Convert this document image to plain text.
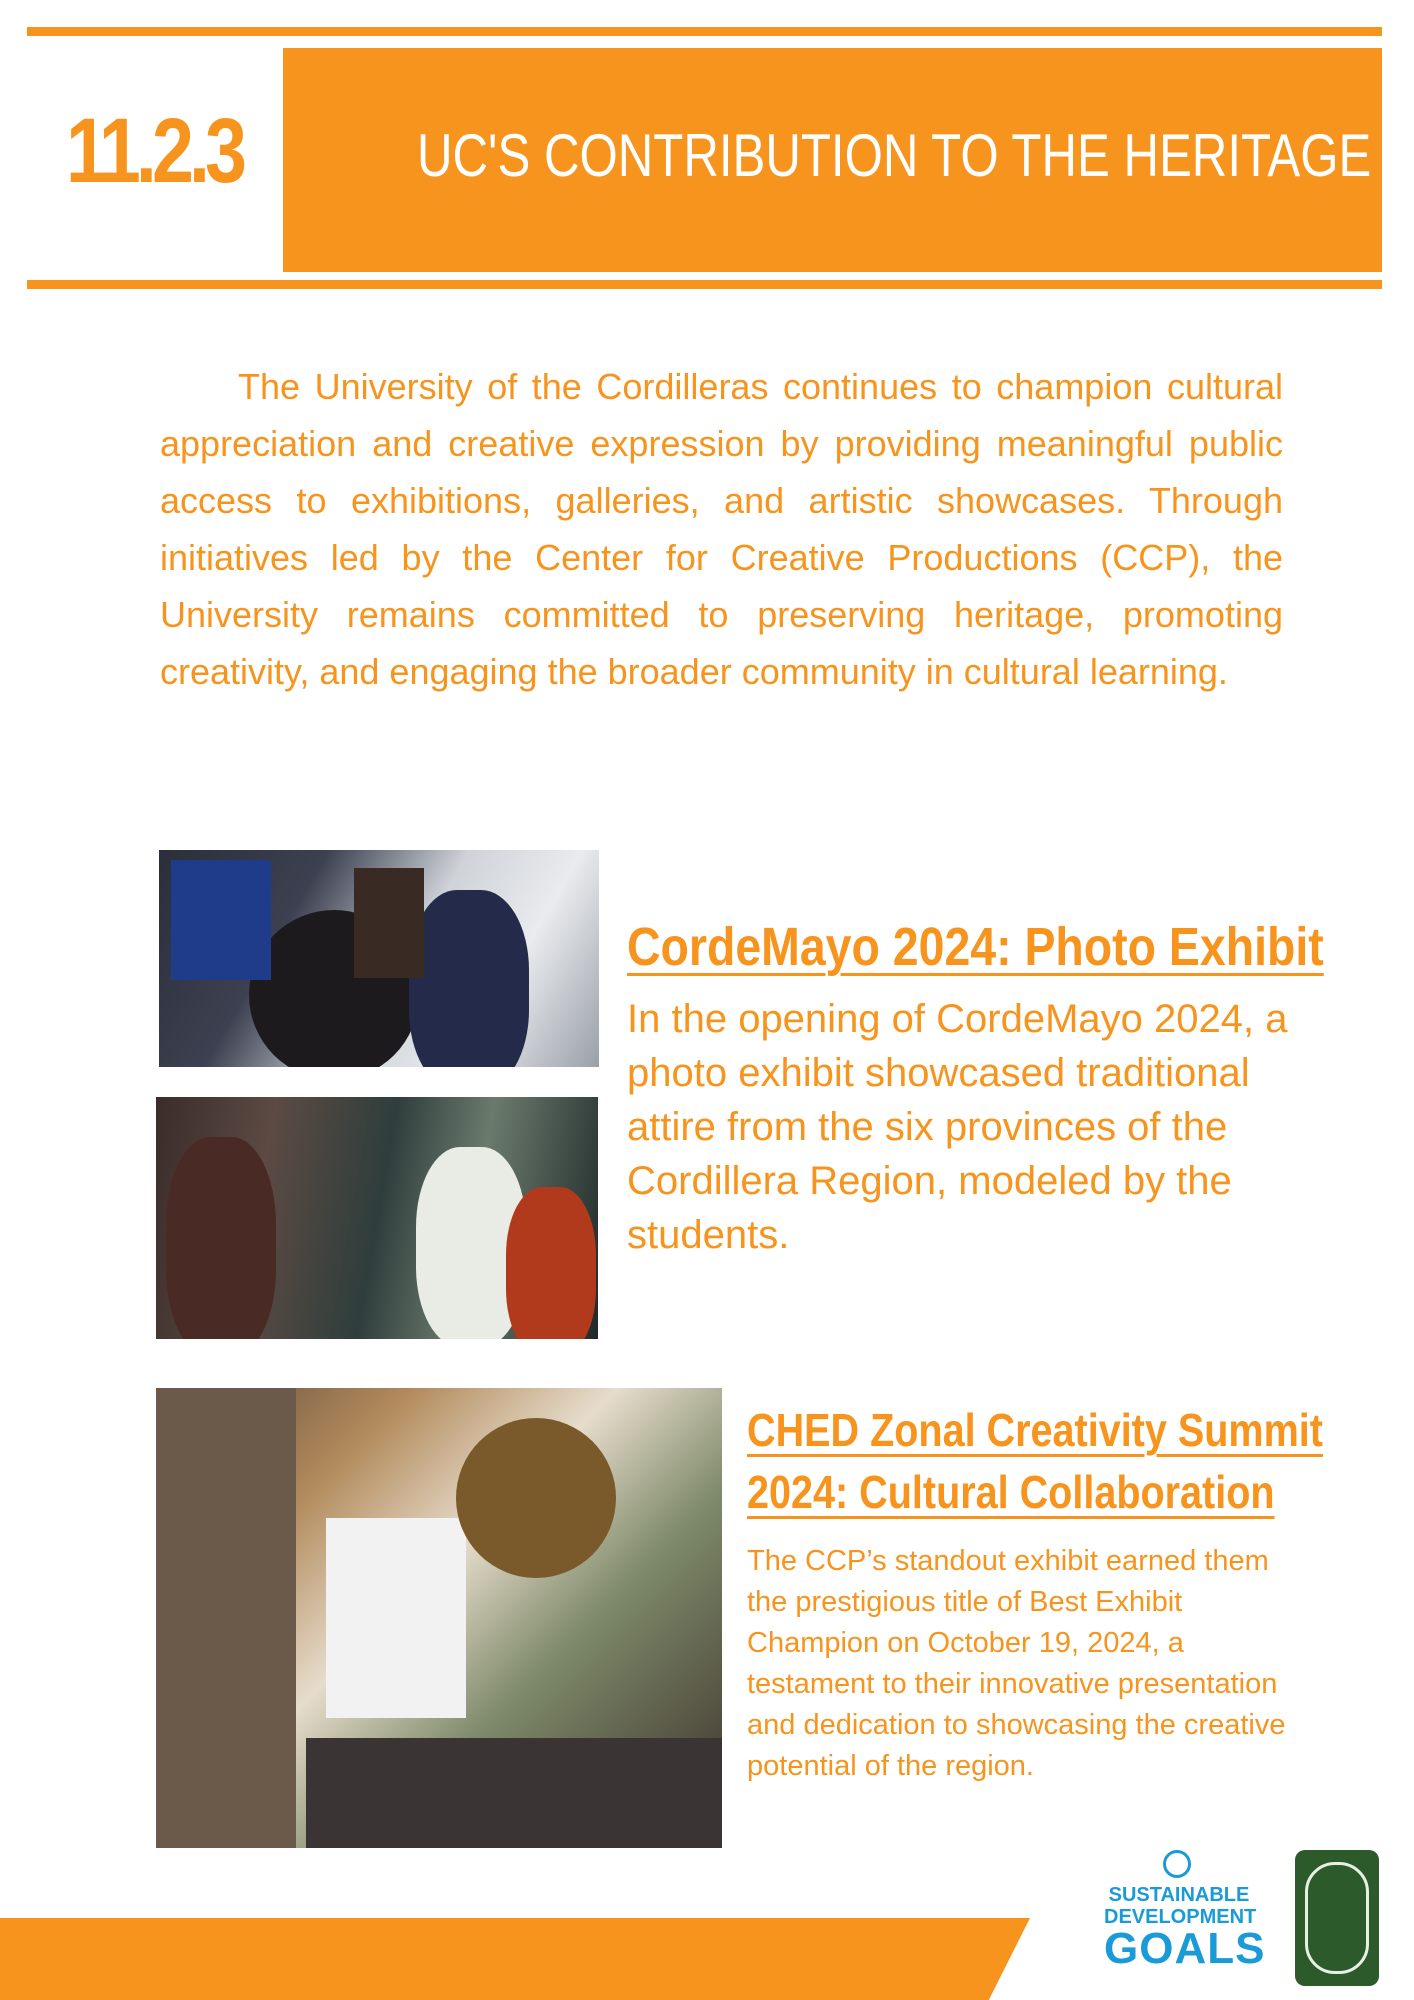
11.2.3	UC'S CONTRIBUTION TO THE HERITAGE

The University of the Cordilleras continues to champion cultural appreciation and creative expression by providing meaningful public access to exhibitions, galleries, and artistic showcases. Through initiatives led by the Center for Creative Productions (CCP), the University remains committed to preserving heritage, promoting creativity, and engaging the broader community in cultural learning.

CordeMayo 2024: Photo Exhibit

In the opening of CordeMayo 2024, a photo exhibit showcased traditional attire from the six provinces of the Cordillera Region, modeled by the students.

CHED Zonal Creativity Summit
2024: Cultural Collaboration

The CCP’s standout exhibit earned them the prestigious title of Best Exhibit Champion on October 19, 2024, a testament to their innovative presentation and dedication to showcasing the creative potential of the region.

SUSTAINABLE
DEVELOPMENT
GOALS
